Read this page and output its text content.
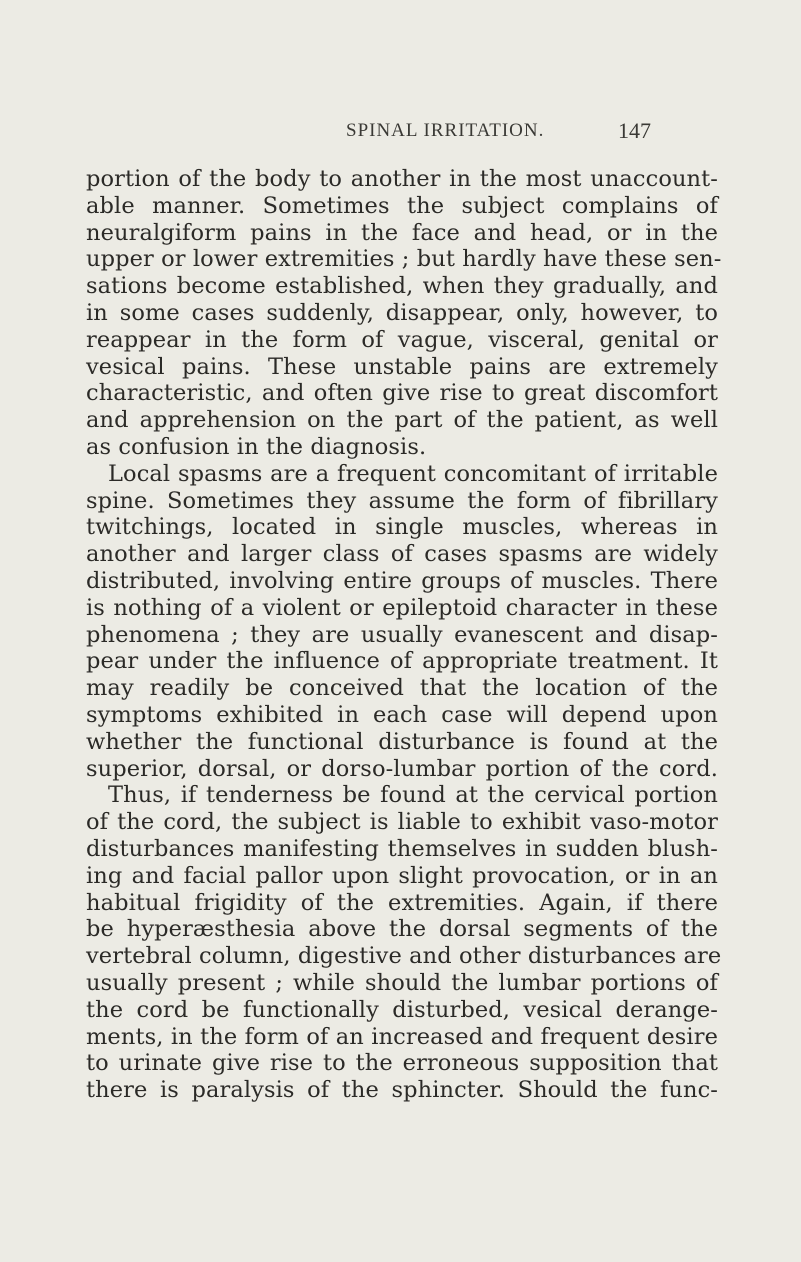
SPINAL IRRITATION.	147
portion of the body to another in the most unaccount-
able manner. Sometimes the subject complains of
neuralgiform pains in the face and head, or in the
upper or lower extremities ; but hardly have these sen-
sations become established, when they gradually, and
in some cases suddenly, disappear, only, however, to
reappear in the form of vague, visceral, genital or
vesical pains. These unstable pains are extremely
characteristic, and often give rise to great discomfort
and apprehension on the part of the patient, as well
as confusion in the diagnosis.
Local spasms are a frequent concomitant of irritable
spine. Sometimes they assume the form of fibrillary
twitchings, located in single muscles, whereas in
another and larger class of cases spasms are widely
distributed, involving entire groups of muscles. There
is nothing of a violent or epileptoid character in these
phenomena ; they are usually evanescent and disap-
pear under the influence of appropriate treatment. It
may readily be conceived that the location of the
symptoms exhibited in each case will depend upon
whether the functional disturbance is found at the
superior, dorsal, or dorso-lumbar portion of the cord.
Thus, if tenderness be found at the cervical portion
of the cord, the subject is liable to exhibit vaso-motor
disturbances manifesting themselves in sudden blush-
ing and facial pallor upon slight provocation, or in an
habitual frigidity of the extremities. Again, if there
be hyperæsthesia above the dorsal segments of the
vertebral column, digestive and other disturbances are
usually present ; while should the lumbar portions of
the cord be functionally disturbed, vesical derange-
ments, in the form of an increased and frequent desire
to urinate give rise to the erroneous supposition that
there is paralysis of the sphincter. Should the func-
